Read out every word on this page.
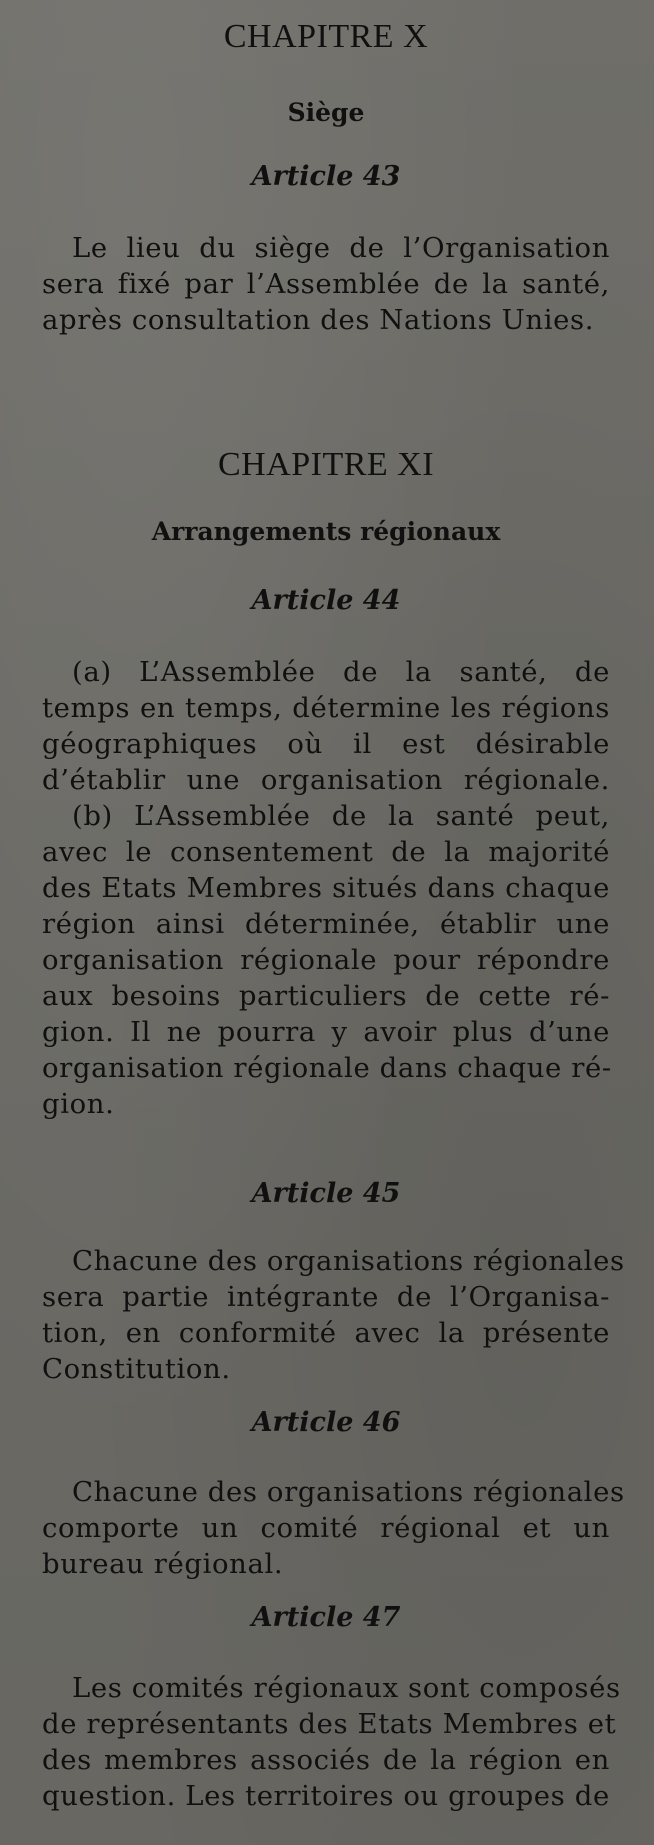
CHAPITRE X
Siège
Article 43
Le lieu du siège de l’Organisation
sera fixé par l’Assemblée de la santé,
après consultation des Nations Unies.
CHAPITRE XI
Arrangements régionaux
Article 44
(a) L’Assemblée de la santé, de
temps en temps, détermine les régions
géographiques où il est désirable
d’établir une organisation régionale.
(b) L’Assemblée de la santé peut,
avec le consentement de la majorité
des Etats Membres situés dans chaque
région ainsi déterminée, établir une
organisation régionale pour répondre
aux besoins particuliers de cette ré-
gion. Il ne pourra y avoir plus d’une
organisation régionale dans chaque ré-
gion.
Article 45
Chacune des organisations régionales
sera partie intégrante de l’Organisa-
tion, en conformité avec la présente
Constitution.
Article 46
Chacune des organisations régionales
comporte un comité régional et un
bureau régional.
Article 47
Les comités régionaux sont composés
de représentants des Etats Membres et
des membres associés de la région en
question. Les territoires ou groupes de
